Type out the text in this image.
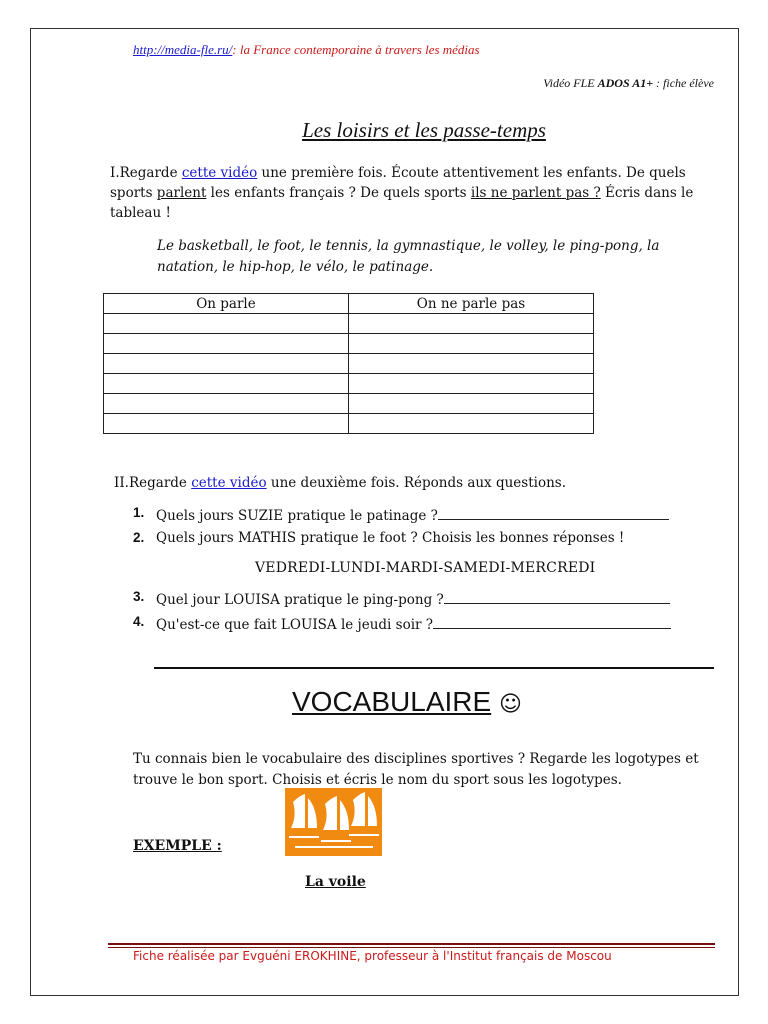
http://media-fle.ru/: la France contemporaine à travers les médias
Vidéo FLE ADOS A1+ : fiche élève
Les loisirs et les passe-temps
I.Regarde cette vidéo une première fois. Écoute attentivement les enfants. De quels sports parlent les enfants français ? De quels sports ils ne parlent pas ? Écris dans le tableau !
Le basketball, le foot, le tennis, la gymnastique, le volley, le ping-pong, la natation, le hip-hop, le vélo, le patinage.
On parle	On ne parle pas

II.Regarde cette vidéo une deuxième fois. Réponds aux questions.
1. Quels jours SUZIE pratique le patinage ?
2. Quels jours MATHIS pratique le foot ? Choisis les bonnes réponses !
3. Quel jour LOUISA pratique le ping-pong ?
4. Qu'est-ce que fait LOUISA le jeudi soir ?
VEDREDI-LUNDI-MARDI-SAMEDI-MERCREDI
VOCABULAIRE ☺
Tu connais bien le vocabulaire des disciplines sportives ? Regarde les logotypes et trouve le bon sport. Choisis et écris le nom du sport sous les logotypes.
EXEMPLE :
La voile
Fiche réalisée par Evguéni EROKHINE, professeur à l'Institut français de Moscou
